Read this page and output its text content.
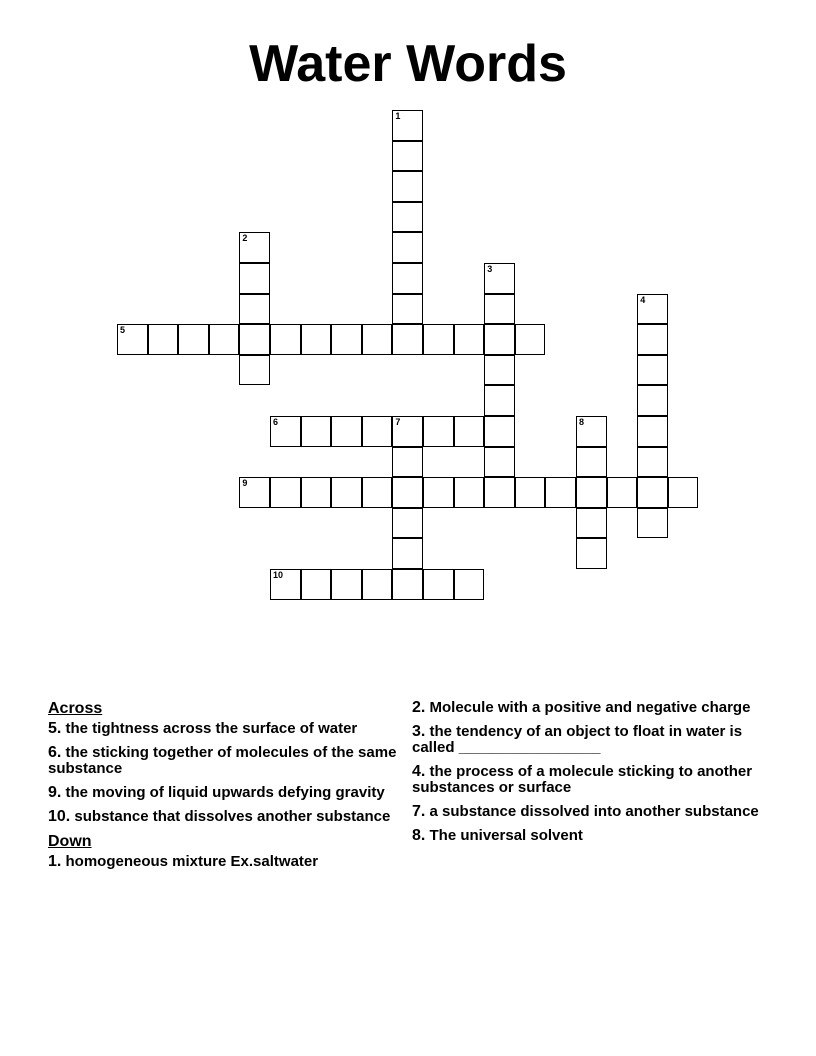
Water Words
1
2
3
4
5
6	7	8
9
10
Across
5. the tightness across the surface of water
6. the sticking together of molecules of the same substance
9. the moving of liquid upwards defying gravity
10. substance that dissolves another substance
Down
1. homogeneous mixture Ex.saltwater
2. Molecule with a positive and negative charge
3. the tendency of an object to float in water is called _________________
4. the process of a molecule sticking to another substances or surface
7. a substance dissolved into another substance
8. The universal solvent
